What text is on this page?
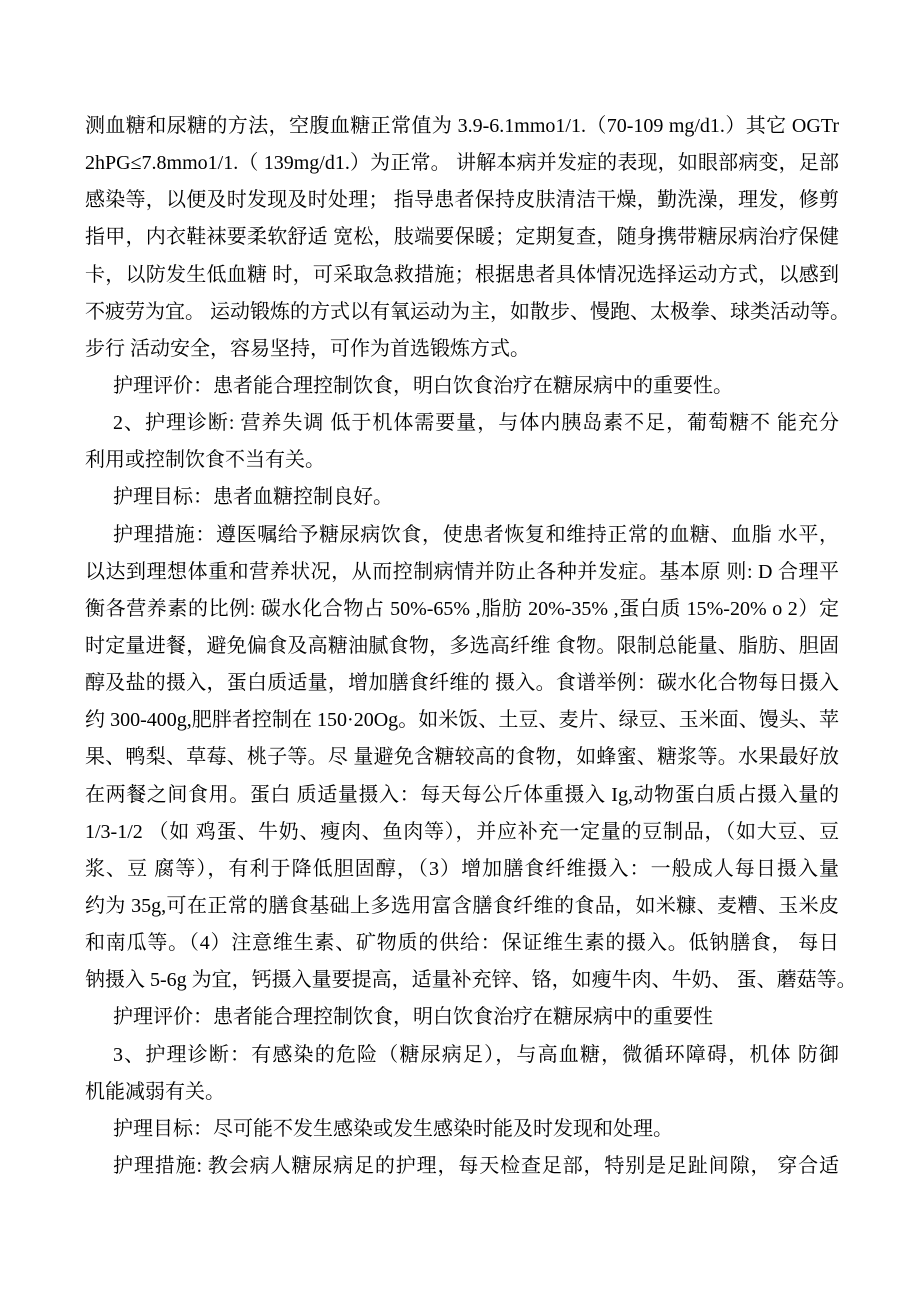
测血糖和尿糖的方法，空腹血糖正常值为 3.9-6.1mmo1/1.（70-109 mg/d1.）其它 OGTr
2hPG≤7.8mmo1/1.（ 139mg/d1.）为正常。 讲解本病并发症的表现，如眼部病变，足部
感染等，以便及时发现及时处理； 指导患者保持皮肤清洁干燥，勤洗澡，理发，修剪
指甲，内衣鞋袜要柔软舒适 宽松，肢端要保暖；定期复查，随身携带糖尿病治疗保健
卡，以防发生低血糖 时，可采取急救措施；根据患者具体情况选择运动方式，以感到
不疲劳为宜。 运动锻炼的方式以有氧运动为主，如散步、慢跑、太极拳、球类活动等。
步行 活动安全，容易坚持，可作为首选锻炼方式。
护理评价：患者能合理控制饮食，明白饮食治疗在糖尿病中的重要性。
2、护理诊断: 营养失调 低于机体需要量，与体内胰岛素不足，葡萄糖不 能充分
利用或控制饮食不当有关。
护理目标：患者血糖控制良好。
护理措施：遵医嘱给予糖尿病饮食，使患者恢复和维持正常的血糖、血脂 水平，
以达到理想体重和营养状况，从而控制病情并防止各种并发症。基本原 则: D 合理平
衡各营养素的比例: 碳水化合物占 50%-65% ,脂肪 20%-35% ,蛋白质 15%-20% o 2）定
时定量进餐，避免偏食及高糖油腻食物，多选高纤维 食物。限制总能量、脂肪、胆固
醇及盐的摄入，蛋白质适量，增加膳食纤维的 摄入。食谱举例：碳水化合物每日摄入
约 300-400g,肥胖者控制在 150·20Og。如米饭、土豆、麦片、绿豆、玉米面、馒头、苹
果、鸭梨、草莓、桃子等。尽 量避免含糖较高的食物，如蜂蜜、糖浆等。水果最好放
在两餐之间食用。蛋白 质适量摄入：每天每公斤体重摄入 Ig,动物蛋白质占摄入量的
1/3-1/2 （如 鸡蛋、牛奶、瘦肉、鱼肉等），并应补充一定量的豆制品，（如大豆、豆
浆、豆 腐等），有利于降低胆固醇，（3）增加膳食纤维摄入：一般成人每日摄入量
约为 35g,可在正常的膳食基础上多选用富含膳食纤维的食品，如米糠、麦糟、玉米皮
和南瓜等。（4）注意维生素、矿物质的供给：保证维生素的摄入。低钠膳食， 每日
钠摄入 5-6g 为宜，钙摄入量要提高，适量补充锌、铬，如瘦牛肉、牛奶、 蛋、蘑菇等。
护理评价：患者能合理控制饮食，明白饮食治疗在糖尿病中的重要性
3、护理诊断：有感染的危险（糖尿病足），与高血糖，微循环障碍，机体 防御
机能减弱有关。
护理目标：尽可能不发生感染或发生感染时能及时发现和处理。
护理措施: 教会病人糖尿病足的护理，每天检查足部，特别是足趾间隙， 穿合适
